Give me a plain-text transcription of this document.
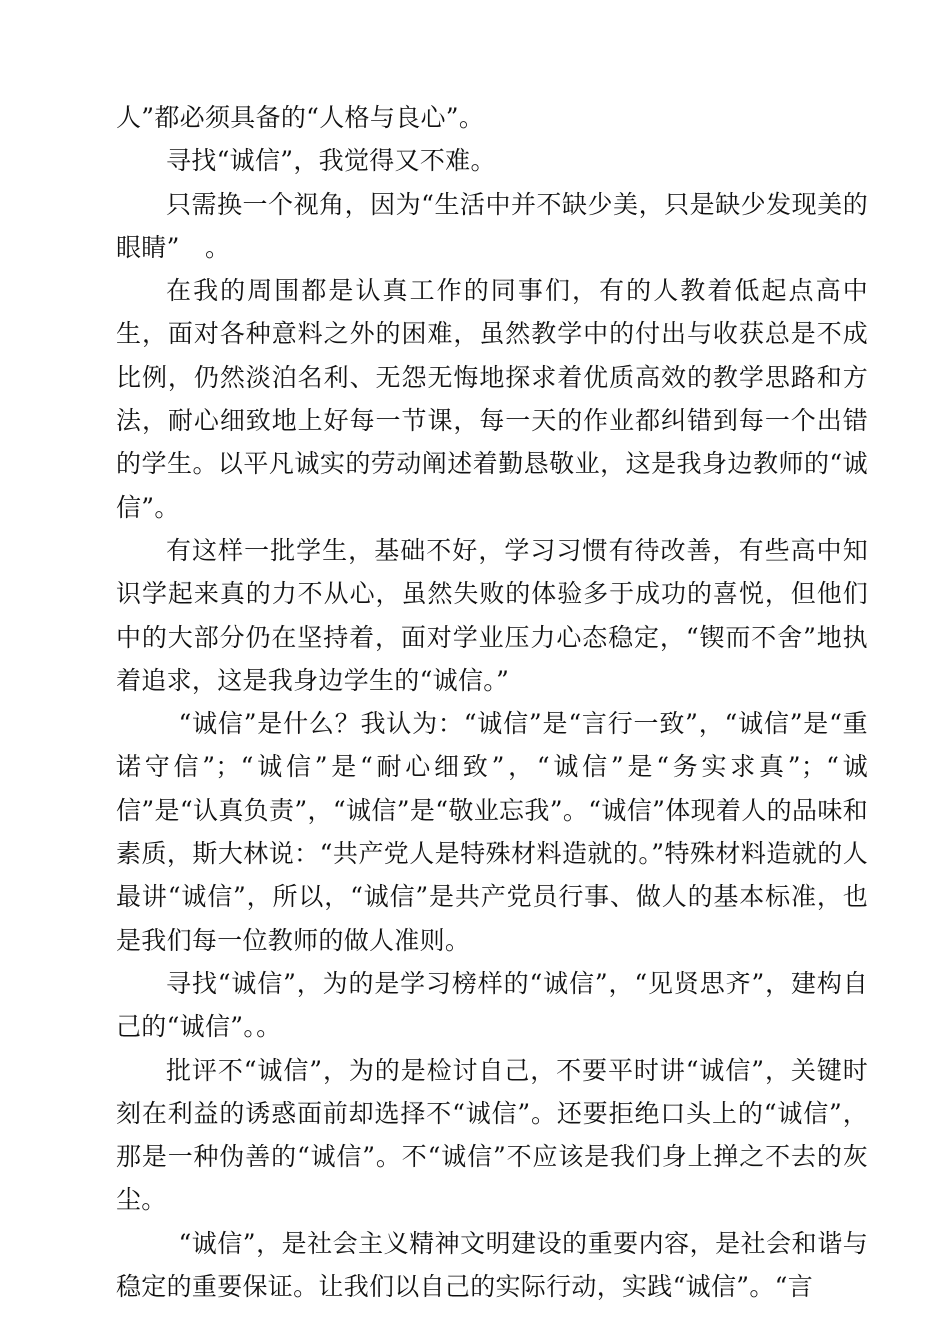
人”都必须具备的“人格与良心”。

寻找“诚信”，我觉得又不难。

只需换一个视角，因为“生活中并不缺少美，只是缺少发现美的眼睛”　。

在我的周围都是认真工作的同事们，有的人教着低起点高中生，面对各种意料之外的困难，虽然教学中的付出与收获总是不成比例，仍然淡泊名利、无怨无悔地探求着优质高效的教学思路和方法，耐心细致地上好每一节课，每一天的作业都纠错到每一个出错的学生。以平凡诚实的劳动阐述着勤恳敬业，这是我身边教师的“诚信”。

有这样一批学生，基础不好，学习习惯有待改善，有些高中知识学起来真的力不从心，虽然失败的体验多于成功的喜悦，但他们中的大部分仍在坚持着，面对学业压力心态稳定，“锲而不舍”地执着追求，这是我身边学生的“诚信。”

“诚信”是什么？我认为：“诚信”是“言行一致”，“诚信”是“重诺守信”；“诚信”是“耐心细致”，“诚信”是“务实求真”；“诚信”是“认真负责”，“诚信”是“敬业忘我”。“诚信”体现着人的品味和素质，斯大林说：“共产党人是特殊材料造就的。”特殊材料造就的人最讲“诚信”，所以，“诚信”是共产党员行事、做人的基本标准，也是我们每一位教师的做人准则。

寻找“诚信”，为的是学习榜样的“诚信”，“见贤思齐”，建构自己的“诚信”。。

批评不“诚信”，为的是检讨自己，不要平时讲“诚信”，关键时刻在利益的诱惑面前却选择不“诚信”。还要拒绝口头上的“诚信”，那是一种伪善的“诚信”。不“诚信”不应该是我们身上掸之不去的灰尘。

“诚信”，是社会主义精神文明建设的重要内容，是社会和谐与稳定的重要保证。让我们以自己的实际行动，实践“诚信”。“言
